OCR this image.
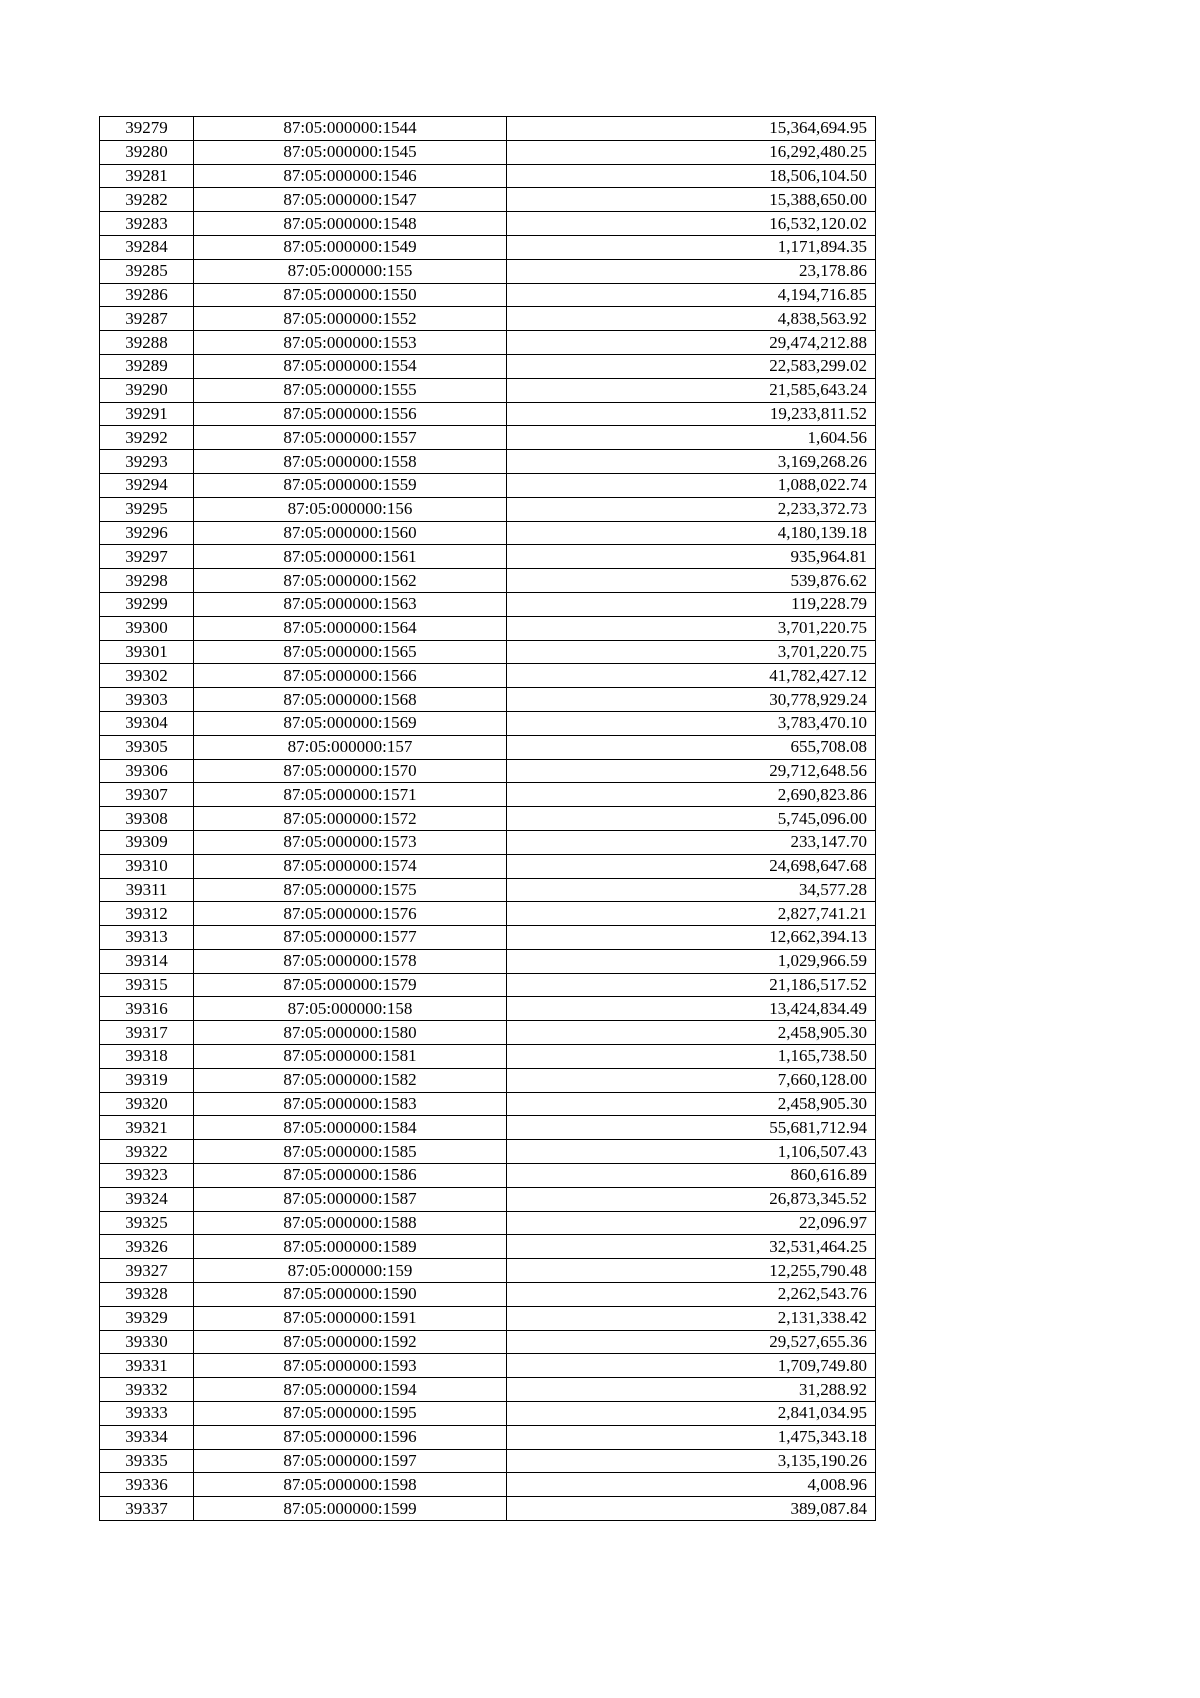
39279	87:05:000000:1544	15,364,694.95
39280	87:05:000000:1545	16,292,480.25
39281	87:05:000000:1546	18,506,104.50
39282	87:05:000000:1547	15,388,650.00
39283	87:05:000000:1548	16,532,120.02
39284	87:05:000000:1549	1,171,894.35
39285	87:05:000000:155	23,178.86
39286	87:05:000000:1550	4,194,716.85
39287	87:05:000000:1552	4,838,563.92
39288	87:05:000000:1553	29,474,212.88
39289	87:05:000000:1554	22,583,299.02
39290	87:05:000000:1555	21,585,643.24
39291	87:05:000000:1556	19,233,811.52
39292	87:05:000000:1557	1,604.56
39293	87:05:000000:1558	3,169,268.26
39294	87:05:000000:1559	1,088,022.74
39295	87:05:000000:156	2,233,372.73
39296	87:05:000000:1560	4,180,139.18
39297	87:05:000000:1561	935,964.81
39298	87:05:000000:1562	539,876.62
39299	87:05:000000:1563	119,228.79
39300	87:05:000000:1564	3,701,220.75
39301	87:05:000000:1565	3,701,220.75
39302	87:05:000000:1566	41,782,427.12
39303	87:05:000000:1568	30,778,929.24
39304	87:05:000000:1569	3,783,470.10
39305	87:05:000000:157	655,708.08
39306	87:05:000000:1570	29,712,648.56
39307	87:05:000000:1571	2,690,823.86
39308	87:05:000000:1572	5,745,096.00
39309	87:05:000000:1573	233,147.70
39310	87:05:000000:1574	24,698,647.68
39311	87:05:000000:1575	34,577.28
39312	87:05:000000:1576	2,827,741.21
39313	87:05:000000:1577	12,662,394.13
39314	87:05:000000:1578	1,029,966.59
39315	87:05:000000:1579	21,186,517.52
39316	87:05:000000:158	13,424,834.49
39317	87:05:000000:1580	2,458,905.30
39318	87:05:000000:1581	1,165,738.50
39319	87:05:000000:1582	7,660,128.00
39320	87:05:000000:1583	2,458,905.30
39321	87:05:000000:1584	55,681,712.94
39322	87:05:000000:1585	1,106,507.43
39323	87:05:000000:1586	860,616.89
39324	87:05:000000:1587	26,873,345.52
39325	87:05:000000:1588	22,096.97
39326	87:05:000000:1589	32,531,464.25
39327	87:05:000000:159	12,255,790.48
39328	87:05:000000:1590	2,262,543.76
39329	87:05:000000:1591	2,131,338.42
39330	87:05:000000:1592	29,527,655.36
39331	87:05:000000:1593	1,709,749.80
39332	87:05:000000:1594	31,288.92
39333	87:05:000000:1595	2,841,034.95
39334	87:05:000000:1596	1,475,343.18
39335	87:05:000000:1597	3,135,190.26
39336	87:05:000000:1598	4,008.96
39337	87:05:000000:1599	389,087.84
